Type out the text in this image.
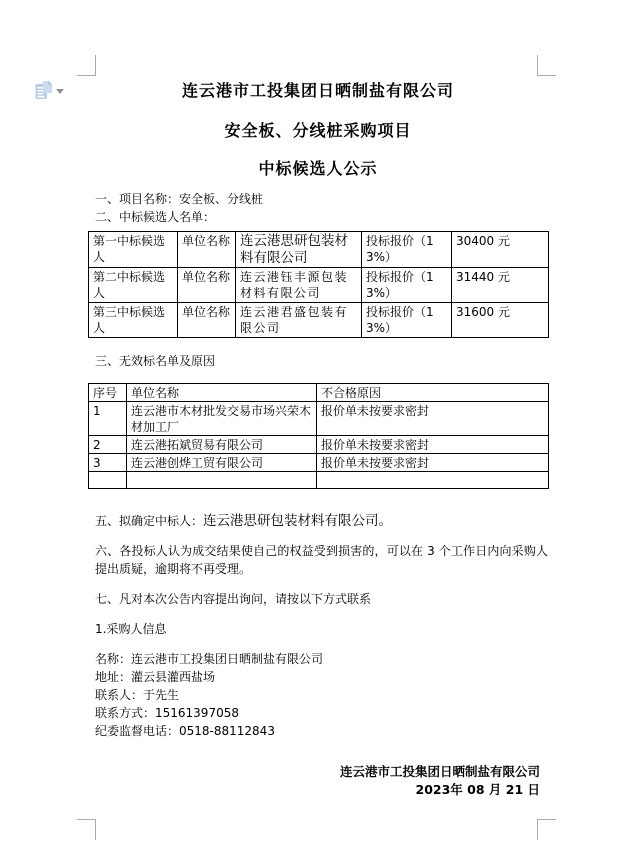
连云港市工投集团日晒制盐有限公司

安全板、分线桩采购项目

中标候选人公示

一、项目名称：安全板、分线桩

二、中标候选人名单：

第一中标候选人	单位名称	连云港思研包装材料有限公司	投标报价（13%）	30400 元
第二中标候选人	单位名称	连云港钰丰源包装材料有限公司	投标报价（13%）	31440 元
第三中标候选人	单位名称	连云港君盛包装有限公司	投标报价（13%）	31600 元

三、无效标名单及原因

序号	单位名称	不合格原因
1	连云港市木材批发交易市场兴荣木材加工厂	报价单未按要求密封
2	连云港拓斌贸易有限公司	报价单未按要求密封
3	连云港创烨工贸有限公司	报价单未按要求密封

五、拟确定中标人：连云港思研包装材料有限公司。

六、各投标人认为成交结果使自己的权益受到损害的，可以在 3 个工作日内向采购人提出质疑，逾期将不再受理。

七、凡对本次公告内容提出询问，请按以下方式联系

1.采购人信息

名称：连云港市工投集团日晒制盐有限公司

地址：灌云县灌西盐场

联系人：于先生

联系方式：15161397058

纪委监督电话：0518-88112843

连云港市工投集团日晒制盐有限公司

2023年 08 月 21 日
